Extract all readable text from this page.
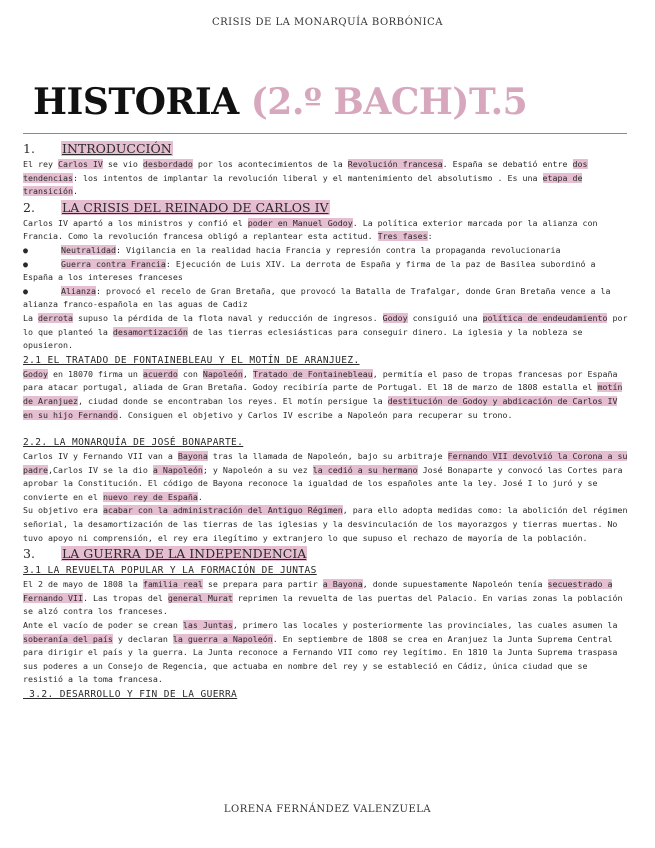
CRISIS DE LA MONARQUÍA BORBÓNICA
HISTORIA (2.º BACH)T.5
1. INTRODUCCIÓN

El rey Carlos IV se vio desbordado por los acontecimientos de la Revolución francesa. España se debatió entre dos tendencias: los intentos de implantar la revolución liberal y el mantenimiento del absolutismo . Es una etapa de transición.

2. LA CRISIS DEL REINADO DE CARLOS IV

Carlos IV apartó a los ministros y confió el poder en Manuel Godoy. La política exterior marcada por la alianza con Francia. Como la revolución francesa obligó a replantear esta actitud. Tres fases:

●	Neutralidad: Vigilancia en la realidad hacia Francia y represión contra la propaganda revolucionaria

●	Guerra contra Francia: Ejecución de Luis XIV. La derrota de España y firma de la paz de Basilea subordinó a España a los intereses franceses

●	Alianza: provocó el recelo de Gran Bretaña, que provocó la Batalla de Trafalgar, donde Gran Bretaña vence a la alianza franco-española en las aguas de Cadiz

La derrota supuso la pérdida de la flota naval y reducción de ingresos. Godoy consiguió una política de endeudamiento por lo que planteó la desamortización de las tierras eclesiásticas para conseguir dinero. La iglesia y la nobleza se opusieron.

2.1 EL TRATADO DE FONTAINEBLEAU Y EL MOTÍN DE ARANJUEZ.

Godoy en 18070 firma un acuerdo con Napoleón, Tratado de Fontainebleau, permitía el paso de tropas francesas por España para atacar portugal, aliada de Gran Bretaña. Godoy recibiría parte de Portugal. El 18 de marzo de 1808 estalla el motín de Aranjuez, ciudad donde se encontraban los reyes. El motín persigue la destitución de Godoy y abdicación de Carlos IV en su hijo Fernando. Consiguen el objetivo y Carlos IV escribe a Napoleón para recuperar su trono.

2.2. LA MONARQUÍA DE JOSÉ BONAPARTE.

Carlos IV y Fernando VII van a Bayona tras la llamada de Napoleón, bajo su arbitraje Fernando VII devolvió la Corona a su padre,Carlos IV se la dio a Napoleón; y Napoleón a su vez la cedió a su hermano José Bonaparte y convocó las Cortes para aprobar la Constitución. El código de Bayona reconoce la igualdad de los españoles ante la ley. José I lo juró y se convierte en el nuevo rey de España.

Su objetivo era acabar con la administración del Antiguo Régimen, para ello adopta medidas como: la abolición del régimen señorial, la desamortización de las tierras de las iglesias y la desvinculación de los mayorazgos y tierras muertas. No tuvo apoyo ni comprensión, el rey era ilegítimo y extranjero lo que supuso el rechazo de mayoría de la población.

3. LA GUERRA DE LA INDEPENDENCIA
3.1 LA REVUELTA POPULAR Y LA FORMACIÓN DE JUNTAS

El 2 de mayo de 1808 la familia real se prepara para partir a Bayona, donde supuestamente Napoleón tenía secuestrado a Fernando VII. Las tropas del general Murat reprimen la revuelta de las puertas del Palacio. En varias zonas la población se alzó contra los franceses.

Ante el vacío de poder se crean las Juntas, primero las locales y posteriormente las provinciales, las cuales asumen la soberanía del país y declaran la guerra a Napoleón. En septiembre de 1808 se crea en Aranjuez la Junta Suprema Central para dirigir el país y la guerra. La Junta reconoce a Fernando VII como rey legítimo. En 1810 la Junta Suprema traspasa sus poderes a un Consejo de Regencia, que actuaba en nombre del rey y se estableció en Cádiz, única ciudad que se resistió a la toma francesa.

3.2. DESARROLLO Y FIN DE LA GUERRA
LORENA FERNÁNDEZ VALENZUELA
